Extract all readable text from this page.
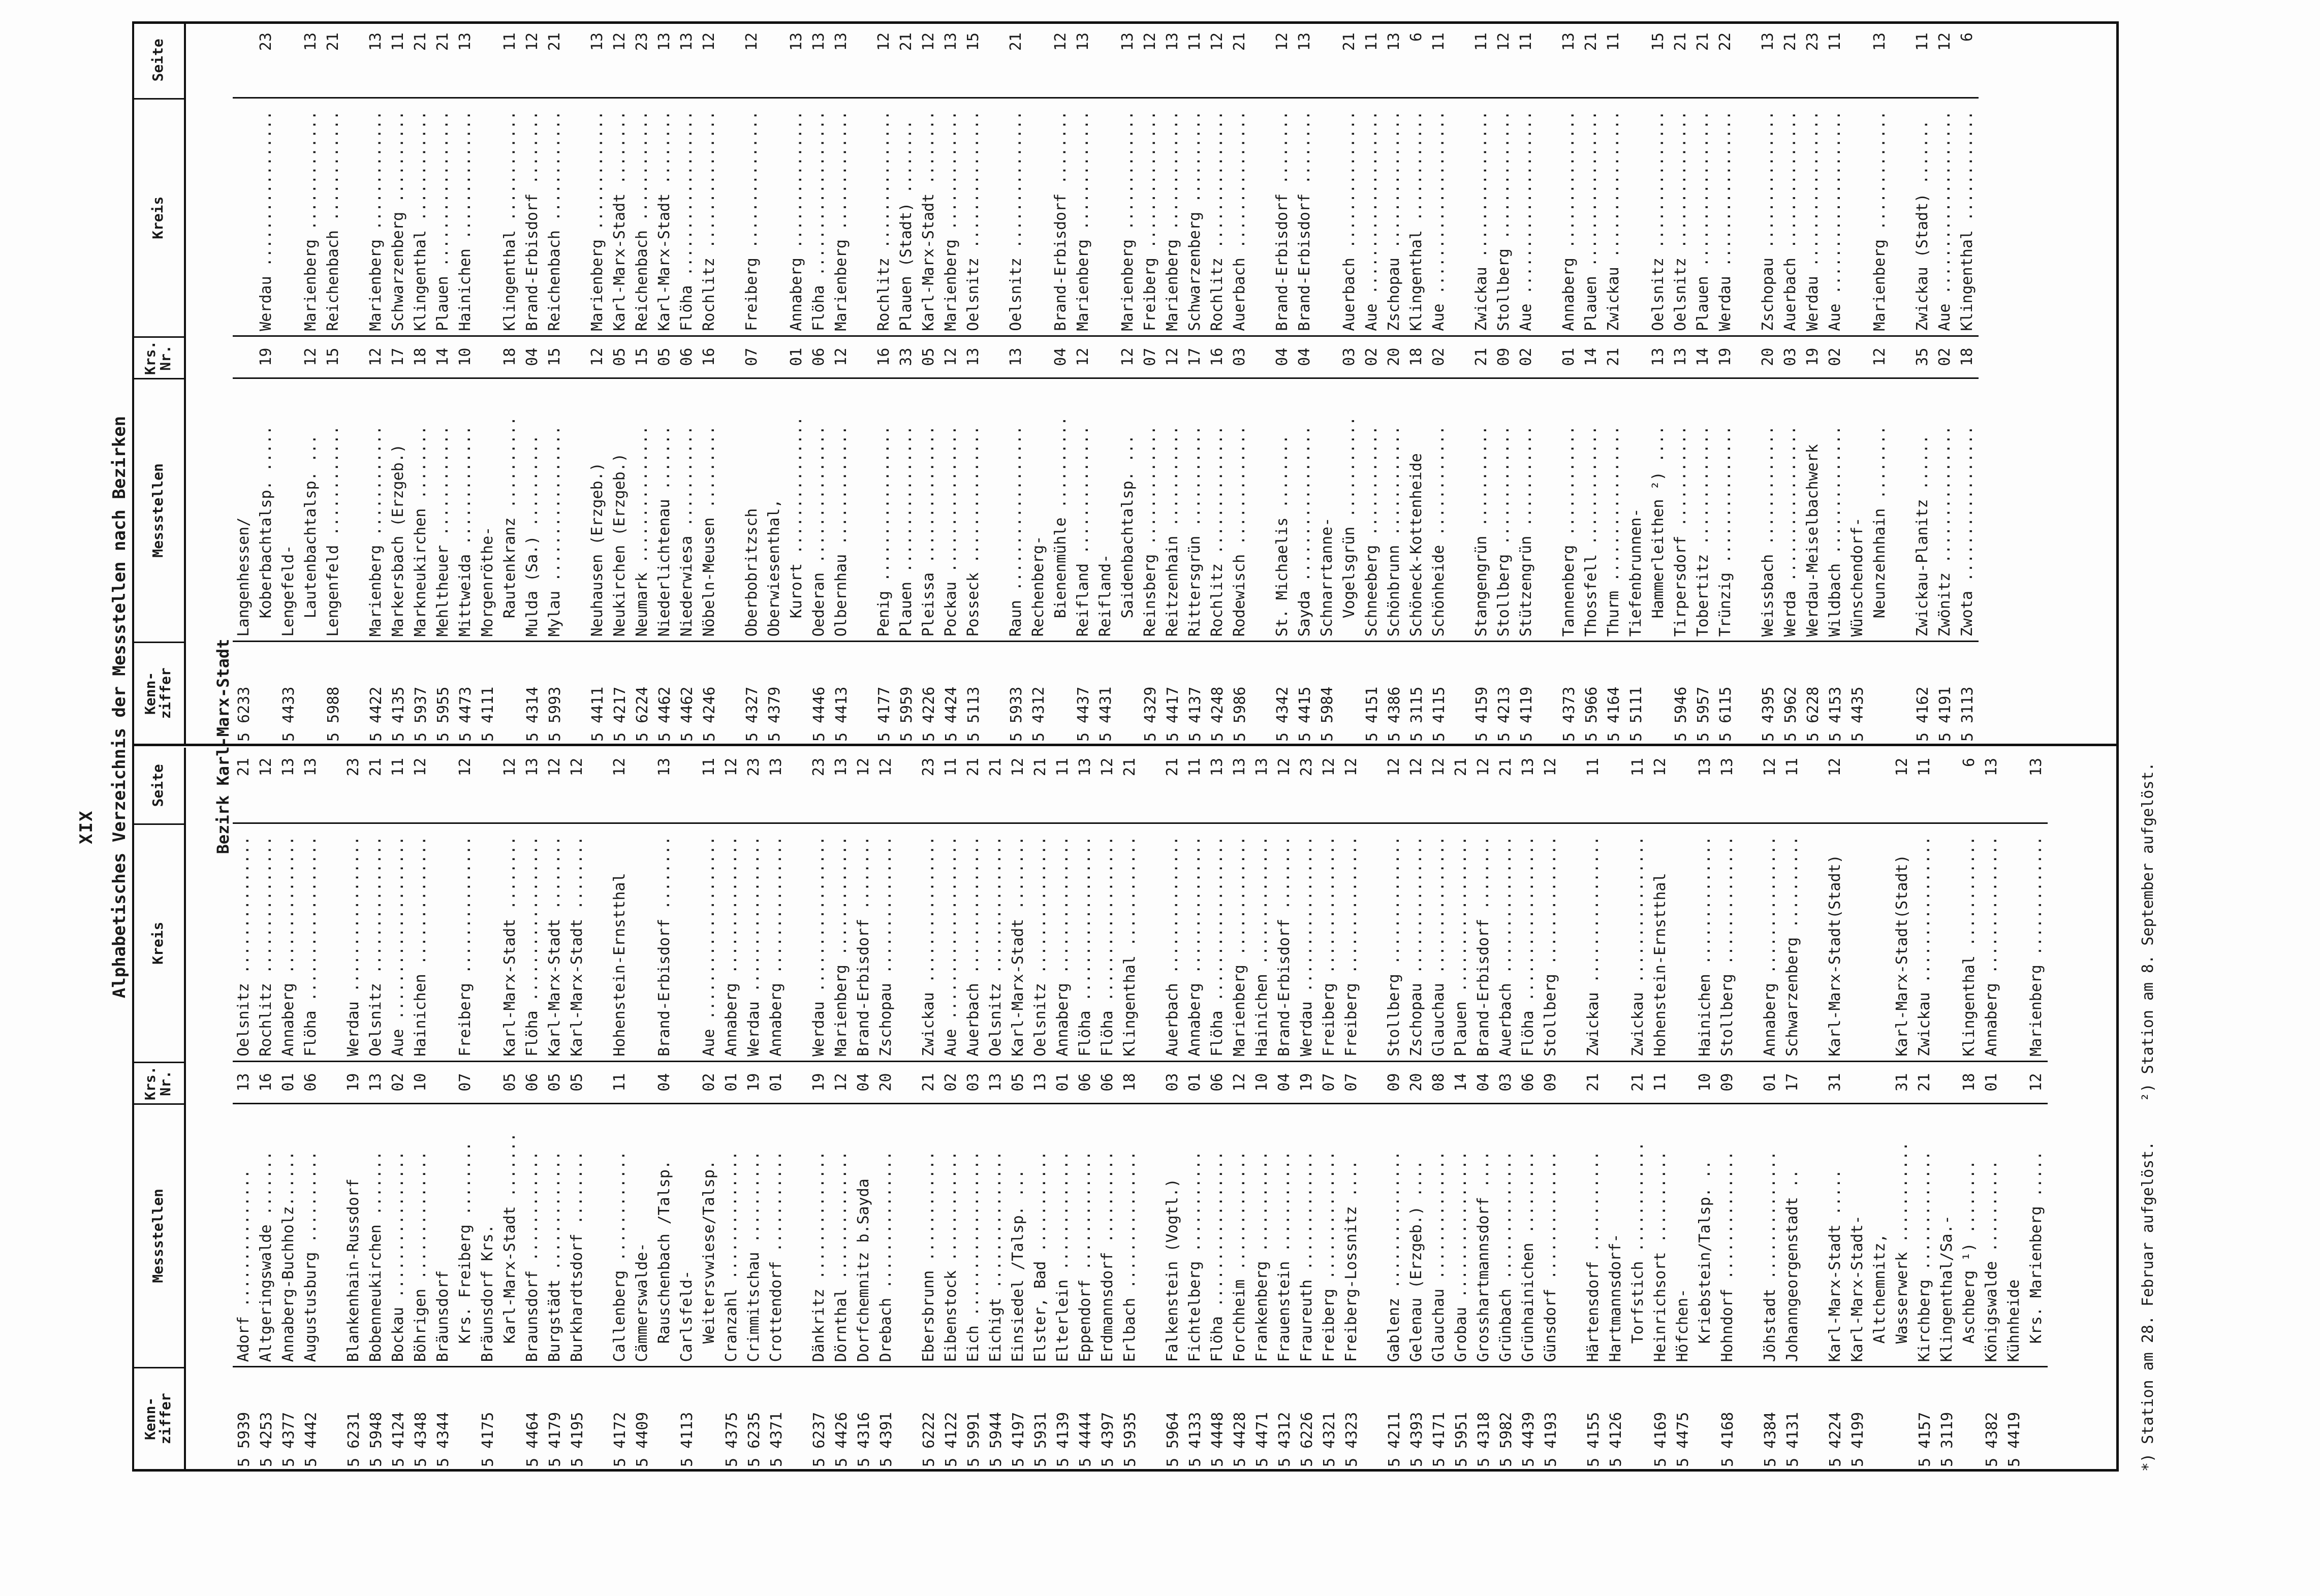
XIX Alphabetisches Verzeichnis der Messstellen nach Bezirken
Kenn-
ziffer
Messstellen
Krs.
Nr.
Kreis
Seite
5 5939
Adorf ...............
13
Oelsnitz ...............
21
5 4253
Altgeringswalde .......
16
Rochlitz ...............
12
5 4377
Annaberg-Buchholz......
01
Annaberg ...............
13
5 4442
Augustusburg ..........
06
Flöha ..................
13
5 6231
Blankenhain-Russdorf
19
Werdau .................
23
5 5948
Bobenneukirchen .......
13
Oelsnitz ...............
21
5 4124
Bockau ................
02
Aue ....................
11
5 4348
Böhrigen ..............
10
Hainichen ..............
12
5 4344
Bräunsdorf Krs. Freiberg ........
07
Freiberg ...............
12
5 4175
Bräunsdorf Krs. Karl-Marx-Stadt .......
05
Karl-Marx-Stadt ........
12
5 4464
Braunsdorf ............
06
Flöha ..................
13
5 4179
Burgstädt .............
05
Karl-Marx-Stadt ........
12
5 4195
Burkhardtsdorf ........
05
Karl-Marx-Stadt ........
12
5 4172
Callenberg ............
11
Hohenstein-Ernstthal
12
5 4409
Cämmerswalde- Rauschenbach /Talsp.
04
Brand-Erbisdorf ........
13
5 4113
Carlsfeld- Weitersvwiese/Talsp.
02
Aue ....................
11
5 4375
Cranzahl ..............
01
Annaberg ...............
12
5 6235
Crimmitschau ..........
19
Werdau .................
23
5 4371
Crottendorf ...........
01
Annaberg ...............
13
5 6237
Dänkritz ..............
19
Werdau .................
23
5 4426
Dörnthal ..............
12
Marienberg .............
13
5 4316
Dorfchemnitz b.Sayda
04
Brand-Erbisdorf ........
12
5 4391
Drebach ...............
20
Zschopau ...............
12
5 6222
Ebersbrunn ............
21
Zwickau ................
23
5 4122
Eibenstock ............
02
Aue ....................
11
5 5991
Eich ..................
03
Auerbach ...............
21
5 5944
Eichigt ...............
13
Oelsnitz ...............
21
5 4197
Einsiedel /Talsp. ...
05
Karl-Marx-Stadt ........
12
5 5931
Elster, Bad ...........
13
Oelsnitz ...............
21
5 4139
Elterlein .............
01
Annaberg ...............
11
5 4444
Eppendorf .............
06
Flöha ..................
13
5 4397
Erdmannsdorf ..........
06
Flöha ..................
12
5 5935
Erlbach ...............
18
Klingenthal ............
21
5 5964
Falkenstein (Vogtl.)
03
Auerbach ...............
21
5 4133
Fichtelberg ...........
01
Annaberg ...............
11
5 4448
Flöha .................
06
Flöha ..................
13
5 4428
Forchheim .............
12
Marienberg .............
13
5 4471
Frankenberg ...........
10
Hainichen ..............
13
5 4312
Frauenstein ...........
04
Brand-Erbisdorf ........
12
5 6226
Fraureuth .............
19
Werdau .................
23
5 4321
Freiberg ..............
07
Freiberg ...............
12
5 4323
Freiberg-Lossnitz ....
07
Freiberg ...............
12
5 4211
Gablenz ...............
09
Stollberg ..............
12
5 4393
Gelenau (Erzgeb.) ....
20
Zschopau ...............
12
5 4171
Glauchau ..............
08
Glauchau ...............
12
5 5951
Grobau ................
14
Plauen .................
21
5 4318
Grosshartmannsdorf ....
04
Brand-Erbisdorf ........
12
5 5982
Grünbach ..............
03
Auerbach ...............
21
5 4439
Grünhainichen .........
06
Flöha ..................
13
5 4193
Günsdorf ..............
09
Stollberg ..............
12
5 4155
Härtensdorf ...........
21
Zwickau ................
11
5 4126
Hartmannsdorf- Torfstich ............
21
Zwickau ................
11
5 4169
Heinrichsort ..........
11
Hohenstein-Ernstthal
12
5 4475
Höfchen- Kriebstein/Talsp. ..
10
Hainichen ..............
13
5 4168
Hohndorf ..............
09
Stollberg ..............
13
5 4384
Jöhstadt ..............
01
Annaberg ...............
12
5 4131
Johanngeorgenstadt ..
17
Schwarzenberg ..........
11
5 4224
Karl-Marx-Stadt .....
31
Karl-Marx-Stadt(Stadt)
12
5 4199
Karl-Marx-Stadt- Altchemnitz, Wasserwerk ...........
31
Karl-Marx-Stadt(Stadt)
12
5 4157
Kirchberg .............
21
Zwickau ................
11
5 3119
Klingenthal/Sa.- Aschberg ¹) ........
18
Klingenthal ............
6
5 4382
Königswalde ..........
01
Annaberg ...............
13
5 4419
Kühnheide Krs. Marienberg .....
12
Marienberg .............
13
Kenn-
ziffer
Messstellen
Krs.
Nr.
Kreis
Seite
5 6233
Langenhessen/ Koberbachtalsp. .....
19
Werdau .................
23
5 4433
Lengefeld- Lautenbachtalsp. ...
12
Marienberg .............
13
5 5988
Lengenfeld ............
15
Reichenbach ............
21
5 4422
Marienberg ............
12
Marienberg .............
13
5 4135
Markersbach (Erzgeb.)
17
Schwarzenberg ..........
11
5 5937
Markneukirchen ........
18
Klingenthal ............
21
5 5955
Mehltheuer ............
14
Plauen .................
21
5 4473
Mittweida .............
10
Hainichen ..............
13
5 4111
Morgenröthe- Rautenkranz ..........
18
Klingenthal ............
11
5 4314
Mulda (Sa.) ..........
04
Brand-Erbisdorf ........
12
5 5993
Mylau .................
15
Reichenbach ............
21
5 4411
Neuhausen (Erzgeb.)
12
Marienberg .............
13
5 4217
Neukirchen (Erzgeb.)
05
Karl-Marx-Stadt ........
12
5 6224
Neumark ...............
15
Reichenbach ............
23
5 4462
Niederlichtenau .......
05
Karl-Marx-Stadt ........
13
5 4462
Niederwiesa ...........
06
Flöha ..................
13
5 4246
Nöbeln-Meusen .........
16
Rochlitz ...............
12
5 4327
Oberbobritzsch
07
Freiberg ...............
12
5 4379
Oberwiesenthal, Kurort ...............
01
Annaberg ...............
13
5 4446
Oederan ...............
06
Flöha ..................
13
5 4413
Olbernhau .............
12
Marienberg .............
13
5 4177
Penig .................
16
Rochlitz ...............
12
5 5959
Plauen ................
33
Plauen (Stadt) ........
21
5 4226
Pleissa ...............
05
Karl-Marx-Stadt ........
12
5 4424
Pockau ................
12
Marienberg .............
13
5 5113
Posseck ...............
13
Oelsnitz ...............
15
5 5933
Raun ..................
13
Oelsnitz ...............
21
5 4312
Rechenberg- Bienenmühle ..........
04
Brand-Erbisdorf ........
12
5 4437
Reifland ..............
12
Marienberg .............
13
5 4431
Reifland- Saidenbachtalsp. ...
12
Marienberg .............
13
5 4329
Reinsberg .............
07
Freiberg ...............
12
5 4417
Reitzenhain ...........
12
Marienberg .............
13
5 4137
Rittersgrün ...........
17
Schwarzenberg ..........
11
5 4248
Rochlitz ..............
16
Rochlitz ...............
12
5 5986
Rodewisch .............
03
Auerbach ...............
21
5 4342
St. Michaelis ........
04
Brand-Erbisdorf ........
12
5 4415
Sayda .................
04
Brand-Erbisdorf ........
13
5 5984
Schnarrtanne- Vogelsgrün ...........
03
Auerbach ...............
21
5 4151
Schneeberg ............
02
Aue ....................
11
5 4386
Schönbrunn ............
20
Zschopau ...............
13
5 3115
Schöneck-Kottenheide
18
Klingenthal ............
6
5 4115
Schönheide ............
02
Aue ....................
11
5 4159
Stangengrün ...........
21
Zwickau ................
11
5 4213
Stollberg .............
09
Stollberg ..............
12
5 4119
Stützengrün ...........
02
Aue ....................
11
5 4373
Tannenberg ............
01
Annaberg ...............
13
5 5966
Thossfell .............
14
Plauen .................
21
5 4164
Thurm .................
21
Zwickau ................
11
5 5111
Tiefenbrunnen- Hammerleithen ²) ....
13
Oelsnitz ...............
15
5 5946
Tirpersdorf ...........
13
Oelsnitz ...............
21
5 5957
Tobertitz .............
14
Plauen .................
21
5 6115
Trünzig ...............
19
Werdau .................
22
5 4395
Weissbach .............
20
Zschopau ...............
13
5 5962
Werda .................
03
Auerbach ...............
21
5 6228
Werdau-Meiselbachwerk
19
Werdau .................
23
5 4153
Wildbach ..............
02
Aue ....................
11
5 4435
Wünschendorf- Neunzehnhain ........
12
Marienberg .............
13
5 4162
Zwickau-Planitz ......
35
Zwickau (Stadt) .......
11
5 4191
Zwönitz ...............
02
Aue ....................
12
5 3113
Zwota .................
18
Klingenthal ............
6
Bezirk Karl-Marx-Stadt
*) Station am 28. Februar aufgelöst. ²) Station am 8. September aufgelöst.
